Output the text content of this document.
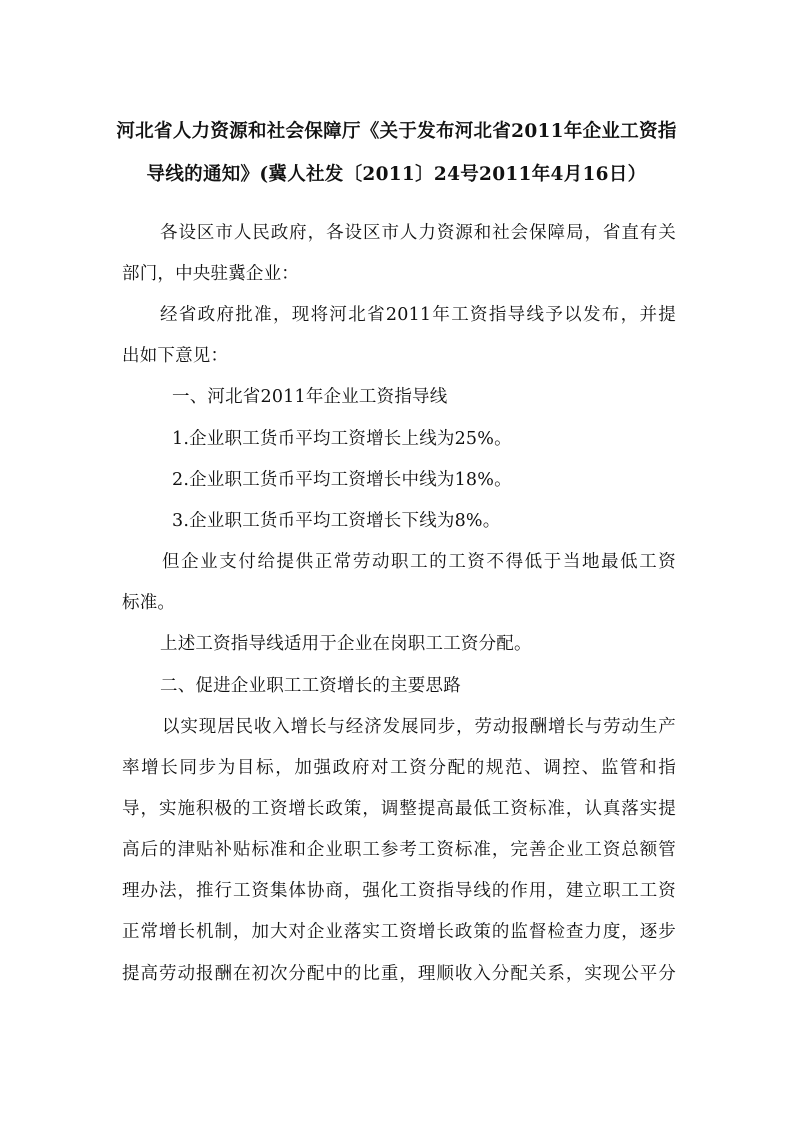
河北省人力资源和社会保障厅《关于发布河北省2011年企业工资指
导线的通知》(冀人社发〔2011〕24号2011年4月16日）
各设区市人民政府，各设区市人力资源和社会保障局，省直有关
部门，中央驻冀企业：
经省政府批准，现将河北省2011年工资指导线予以发布，并提
出如下意见：
一、河北省2011年企业工资指导线
1.企业职工货币平均工资增长上线为25%。
2.企业职工货币平均工资增长中线为18%。
3.企业职工货币平均工资增长下线为8%。
但企业支付给提供正常劳动职工的工资不得低于当地最低工资
标准。
上述工资指导线适用于企业在岗职工工资分配。
二、促进企业职工工资增长的主要思路
以实现居民收入增长与经济发展同步，劳动报酬增长与劳动生产
率增长同步为目标，加强政府对工资分配的规范、调控、监管和指
导，实施积极的工资增长政策，调整提高最低工资标准，认真落实提
高后的津贴补贴标准和企业职工参考工资标准，完善企业工资总额管
理办法，推行工资集体协商，强化工资指导线的作用，建立职工工资
正常增长机制，加大对企业落实工资增长政策的监督检查力度，逐步
提高劳动报酬在初次分配中的比重，理顺收入分配关系，实现公平分
